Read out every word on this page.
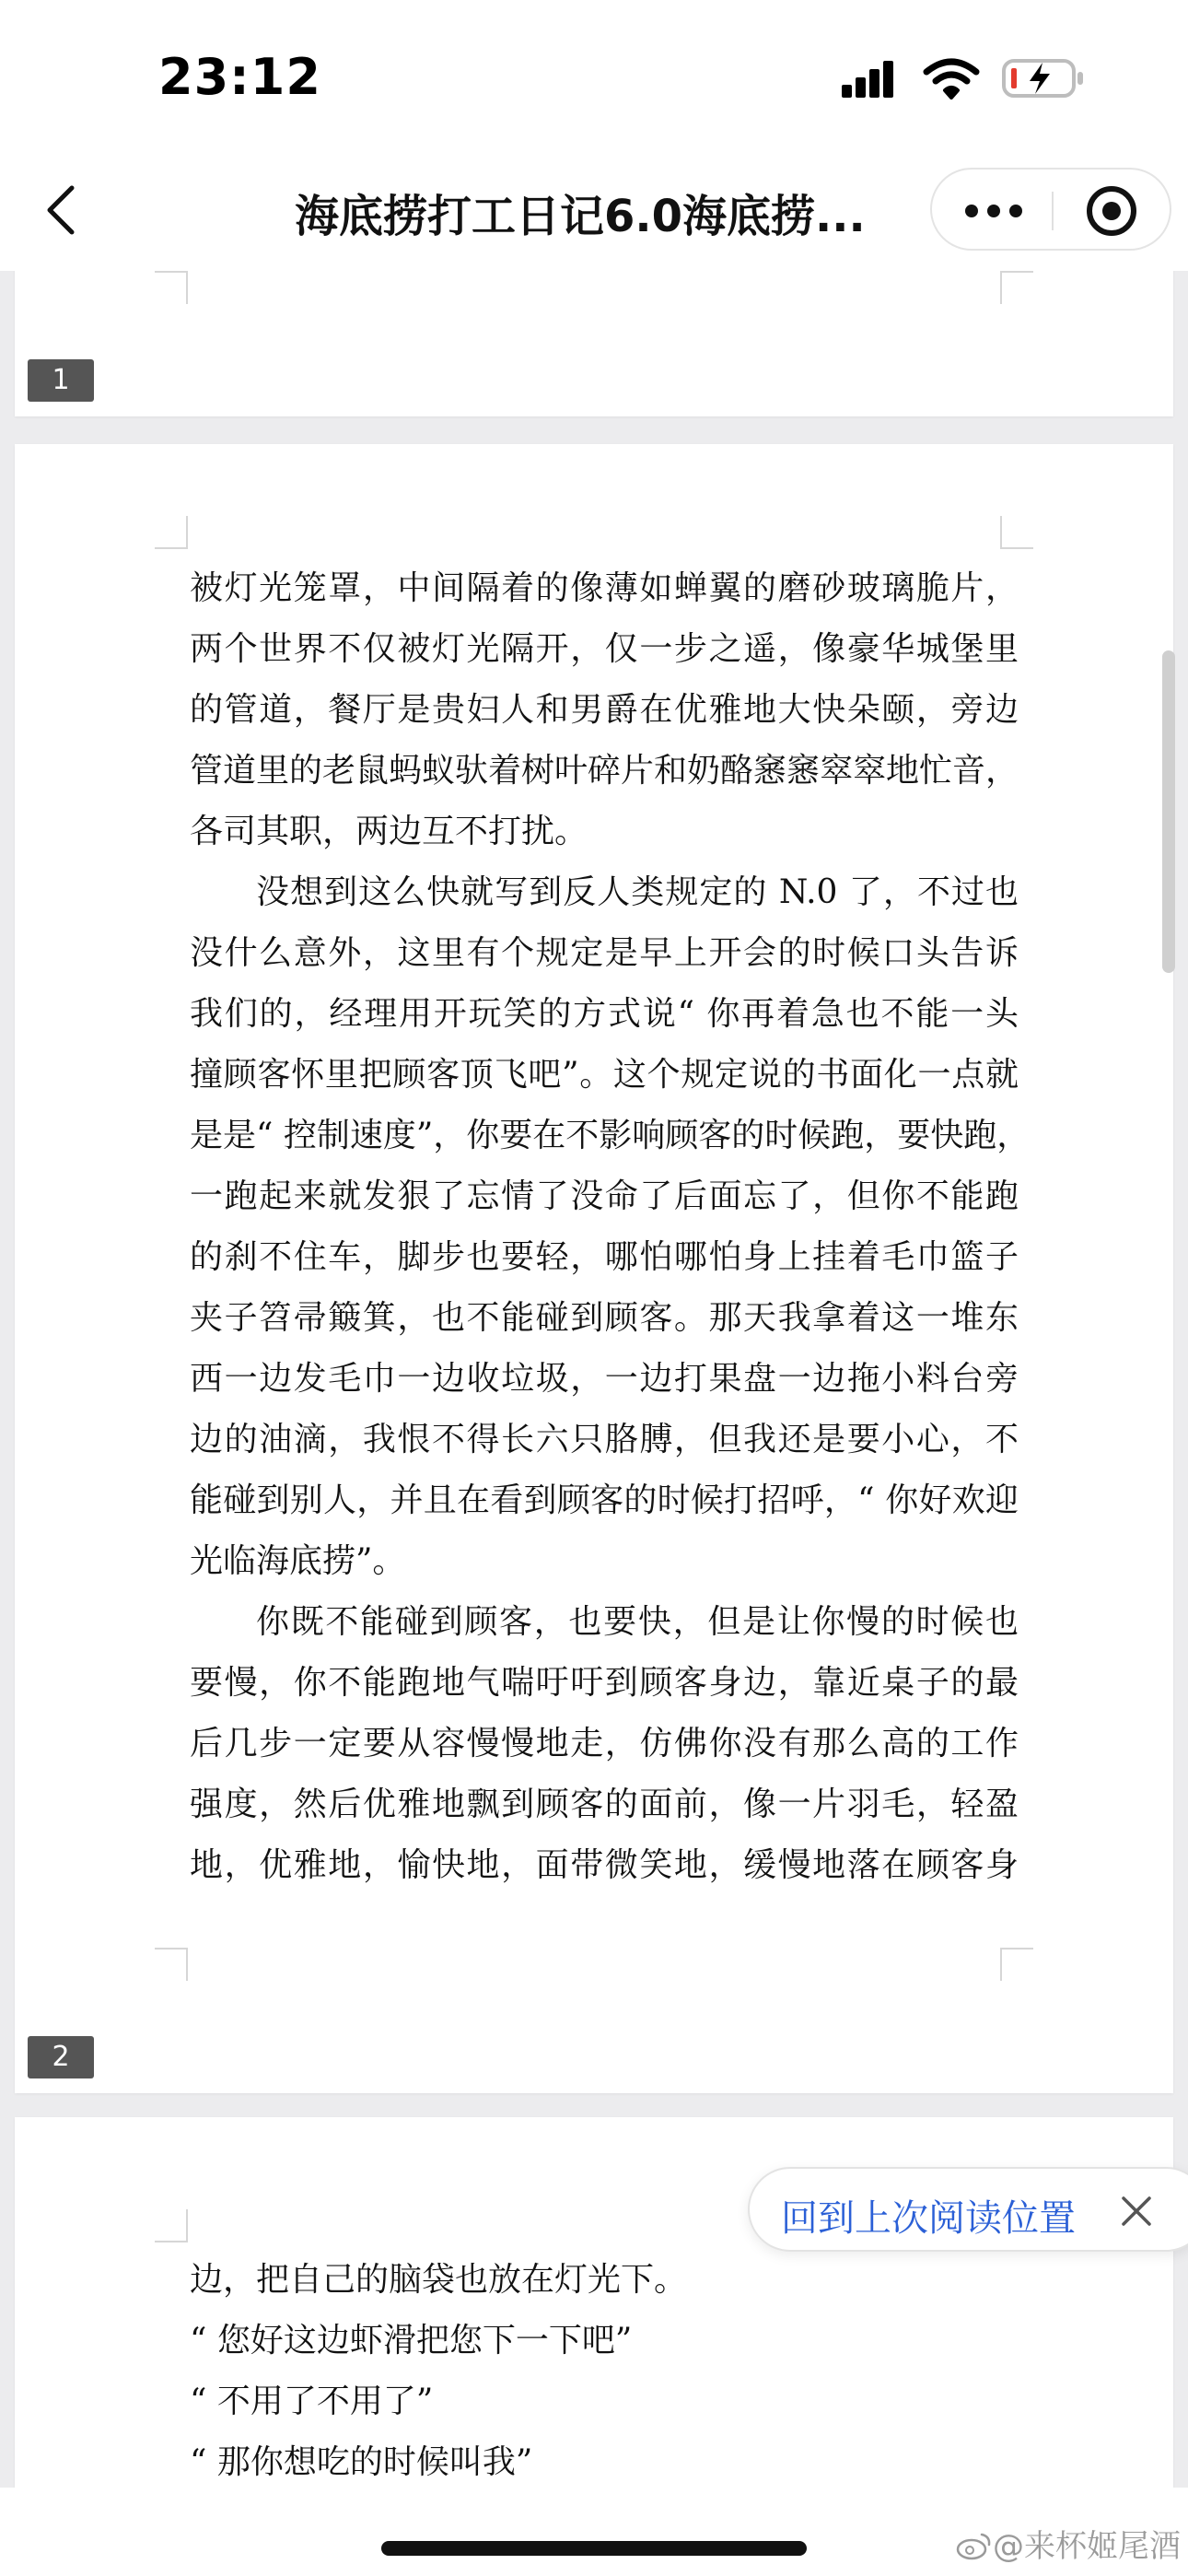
23:12
海底捞打工日记6.0海底捞...
1
被灯光笼罩，中间隔着的像薄如蝉翼的磨砂玻璃脆片，
两个世界不仅被灯光隔开，仅一步之遥，像豪华城堡里
的管道，餐厅是贵妇人和男爵在优雅地大快朵颐，旁边
管道里的老鼠蚂蚁驮着树叶碎片和奶酪窸窸窣窣地忙音，
各司其职，两边互不打扰。
没想到这么快就写到反人类规定的 N.0 了，不过也
没什么意外，这里有个规定是早上开会的时候口头告诉
我们的，经理用开玩笑的方式说“ 你再着急也不能一头
撞顾客怀里把顾客顶飞吧”。这个规定说的书面化一点就
是是“ 控制速度”，你要在不影响顾客的时候跑，要快跑，
一跑起来就发狠了忘情了没命了后面忘了，但你不能跑
的刹不住车，脚步也要轻，哪怕哪怕身上挂着毛巾篮子
夹子笤帚簸箕，也不能碰到顾客。那天我拿着这一堆东
西一边发毛巾一边收垃圾，一边打果盘一边拖小料台旁
边的油滴，我恨不得长六只胳膊，但我还是要小心，不
能碰到别人，并且在看到顾客的时候打招呼，“ 你好欢迎
光临海底捞”。
你既不能碰到顾客，也要快，但是让你慢的时候也
要慢，你不能跑地气喘吁吁到顾客身边，靠近桌子的最
后几步一定要从容慢慢地走，仿佛你没有那么高的工作
强度，然后优雅地飘到顾客的面前，像一片羽毛，轻盈
地，优雅地，愉快地，面带微笑地，缓慢地落在顾客身
2
边，把自己的脑袋也放在灯光下。
“ 您好这边虾滑把您下一下吧”
“ 不用了不用了”
“ 那你想吃的时候叫我”
回到上次阅读位置
@来杯姬尾酒
